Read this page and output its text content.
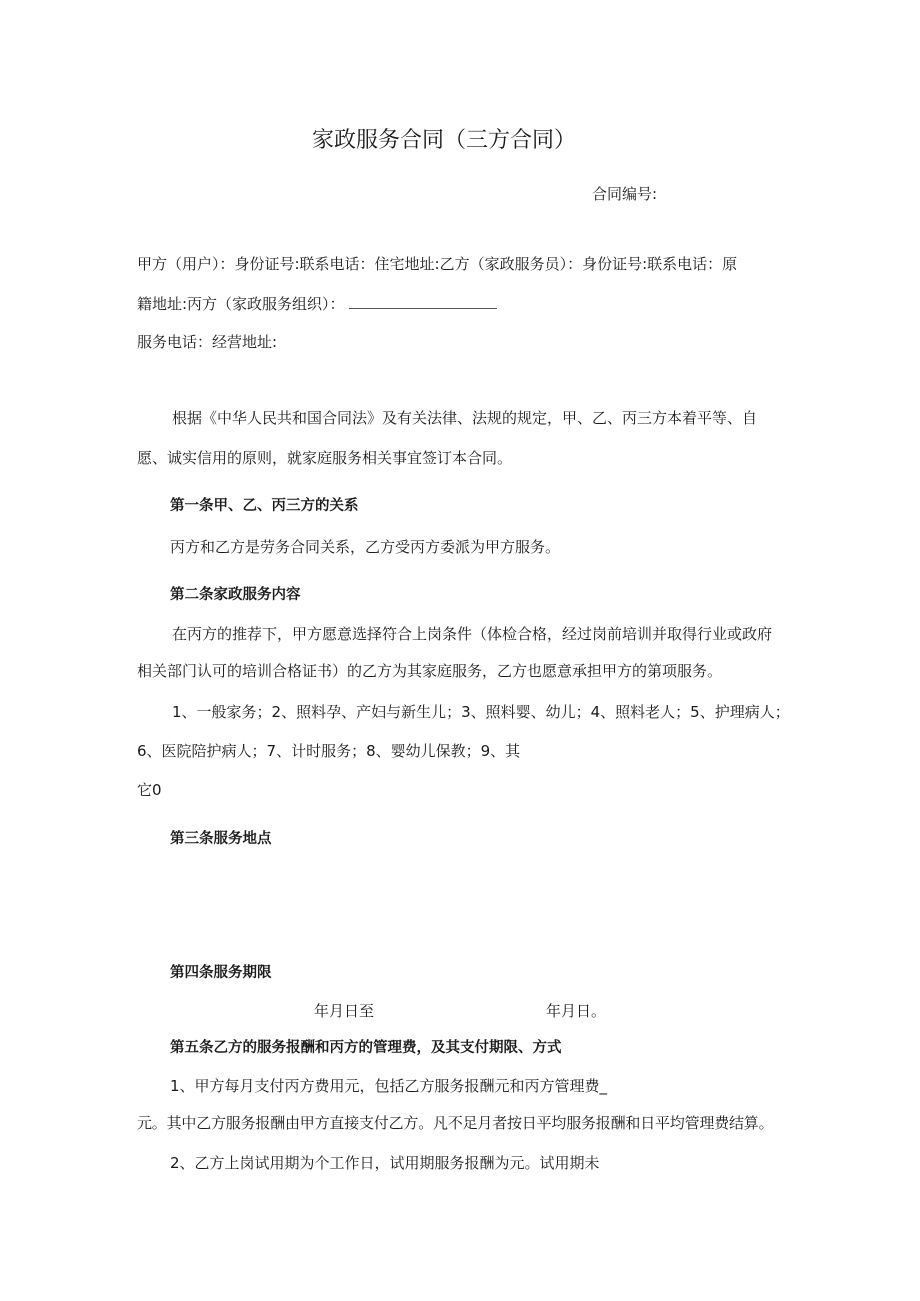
家政服务合同（三方合同）
合同编号:
甲方（用户）：身份证号:联系电话：住宅地址:乙方（家政服务员）：身份证号:联系电话：原
籍地址:丙方（家政服务组织）：
服务电话：经营地址:
根据《中华人民共和国合同法》及有关法律、法规的规定，甲、乙、丙三方本着平等、自
愿、诚实信用的原则，就家庭服务相关事宜签订本合同。
第一条甲、乙、丙三方的关系
丙方和乙方是劳务合同关系，乙方受丙方委派为甲方服务。
第二条家政服务内容
在丙方的推荐下，甲方愿意选择符合上岗条件（体检合格，经过岗前培训并取得行业或政府
相关部门认可的培训合格证书）的乙方为其家庭服务，乙方也愿意承担甲方的第项服务。
1、一般家务；2、照料孕、产妇与新生儿；3、照料婴、幼儿；4、照料老人；5、护理病人；
6、医院陪护病人；7、计时服务；8、婴幼儿保教；9、其
它0
第三条服务地点
第四条服务期限
年月日至	年月日。
第五条乙方的服务报酬和丙方的管理费，及其支付期限、方式
1、甲方每月支付丙方费用元，包括乙方服务报酬元和丙方管理费_
元。其中乙方服务报酬由甲方直接支付乙方。凡不足月者按日平均服务报酬和日平均管理费结算。
2、乙方上岗试用期为个工作日，试用期服务报酬为元。试用期未
